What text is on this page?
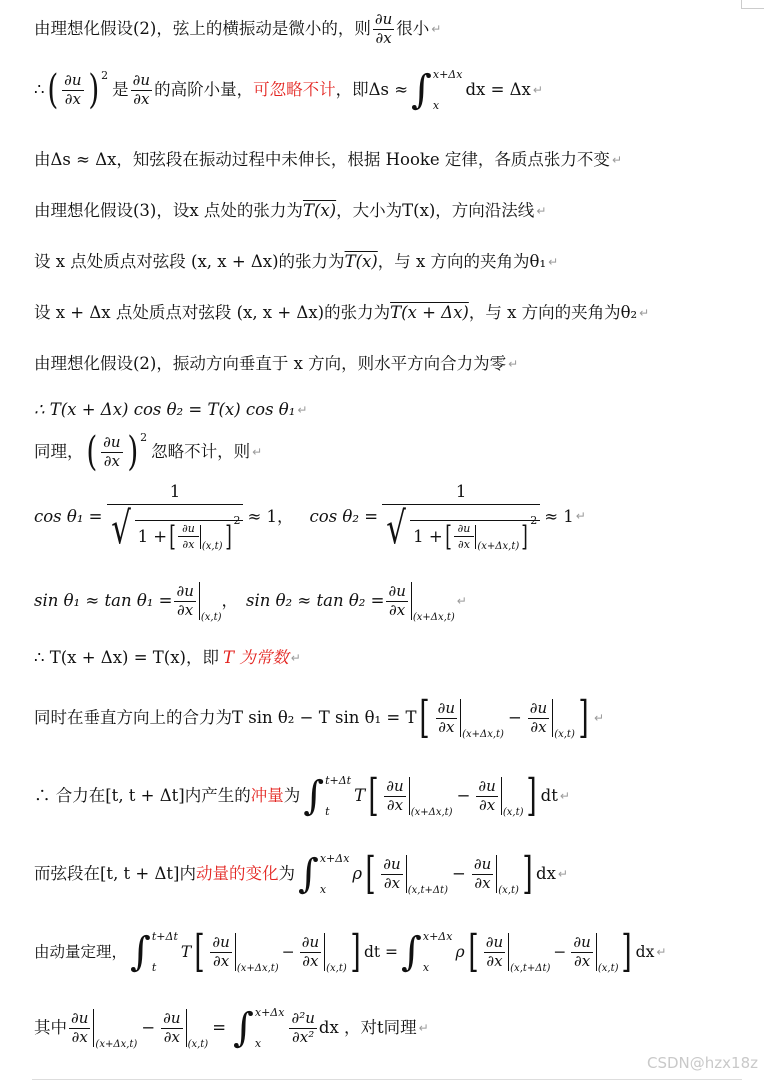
由理想化假设(2)，弦上的横振动是微小的，则 $\frac{\partial u}{\partial x}$ 很小 ↵
∴ ( $\frac{\partial u}{\partial x}$ ) 2
是 $\frac{\partial u}{\partial x}$ 的高阶小量， 可忽略不计 ，即Δs ≈ ∫ x+Δx
x
dx = Δx ↵
由Δs ≈ Δx，知弦段在振动过程中未伸长，根据 Hooke 定律，各质点张力不变 ↵
由理想化假设(3)，设x 点处的张力为 T(x) ，大小为T(x)，方向沿法线 ↵
设 x 点处质点对弦段 (x, x + Δx)的张力为 T(x) ，与 x 方向的夹角为θ₁ ↵
设 x + Δx 点处质点对弦段 (x, x + Δx)的张力为 T(x + Δx) ，与 x 方向的夹角为θ₂ ↵
由理想化假设(2)，振动方向垂直于 x 方向，则水平方向合力为零 ↵
∴ T(x + Δx) cos θ₂ = T(x) cos θ₁ ↵
同理， ( $\frac{\partial u}{\partial x}$ ) 2
忽略不计，则 ↵
$\cos \theta_1 = \frac{1}{√ 1 + [ \frac{\partial u}{\partial x} (x,t) ] 2} \approx 1$， $\cos \theta_2 = \frac{1}{√ 1 + [ \frac{\partial u}{\partial x} (x+\Delta x,t) ] 2} \approx 1$ ↵
$\sin \theta_1 \approx \tan \theta_1 = \frac{\partial u}{\partial x} (x,t)$
， $\sin \theta_2 \approx \tan \theta_2 = \frac{\partial u}{\partial x} (x+\Delta x,t)$
↵
∴ T(x + Δx) = T(x)，即 T 为常数 ↵
同时在垂直方向上的合力为T sin θ₂ − T sin θ₁ = T [ $\frac{\partial u}{\partial x} (x+\Delta x,t)$
− $\frac{\partial u}{\partial x} (x,t)$ ] ↵
∴ 合力在[t, t + Δt]内产生的 冲量 为 ∫ t+Δt
t
T [ $\frac{\partial u}{\partial x} (x+\Delta x,t)$
− $\frac{\partial u}{\partial x} (x,t)$ ] dt ↵
而弦段在[t, t + Δt]内 动量的变化 为 ∫ x+Δx
x
ρ [ $\frac{\partial u}{\partial x} (x,t+\Delta t)$
− $\frac{\partial u}{\partial x} (x,t)$ ] dx ↵
由动量定理， ∫ t+Δt
t
T [ $\frac{\partial u}{\partial x} (x+\Delta x,t)$
− $\frac{\partial u}{\partial x} (x,t)$ ] dt = ∫ x+Δx
x
ρ [ $\frac{\partial u}{\partial x} (x,t+\Delta t)$
− $\frac{\partial u}{\partial x} (x,t)$ ] dx ↵
其中 $\frac{\partial u}{\partial x} (x+\Delta x,t)$
− $\frac{\partial u}{\partial x} (x,t)$
= ∫ x+Δx
x	$\frac{\text{∂²u}}{\text{∂x²}}$ dx ，对t同理 ↵
CSDN@hzx18z
